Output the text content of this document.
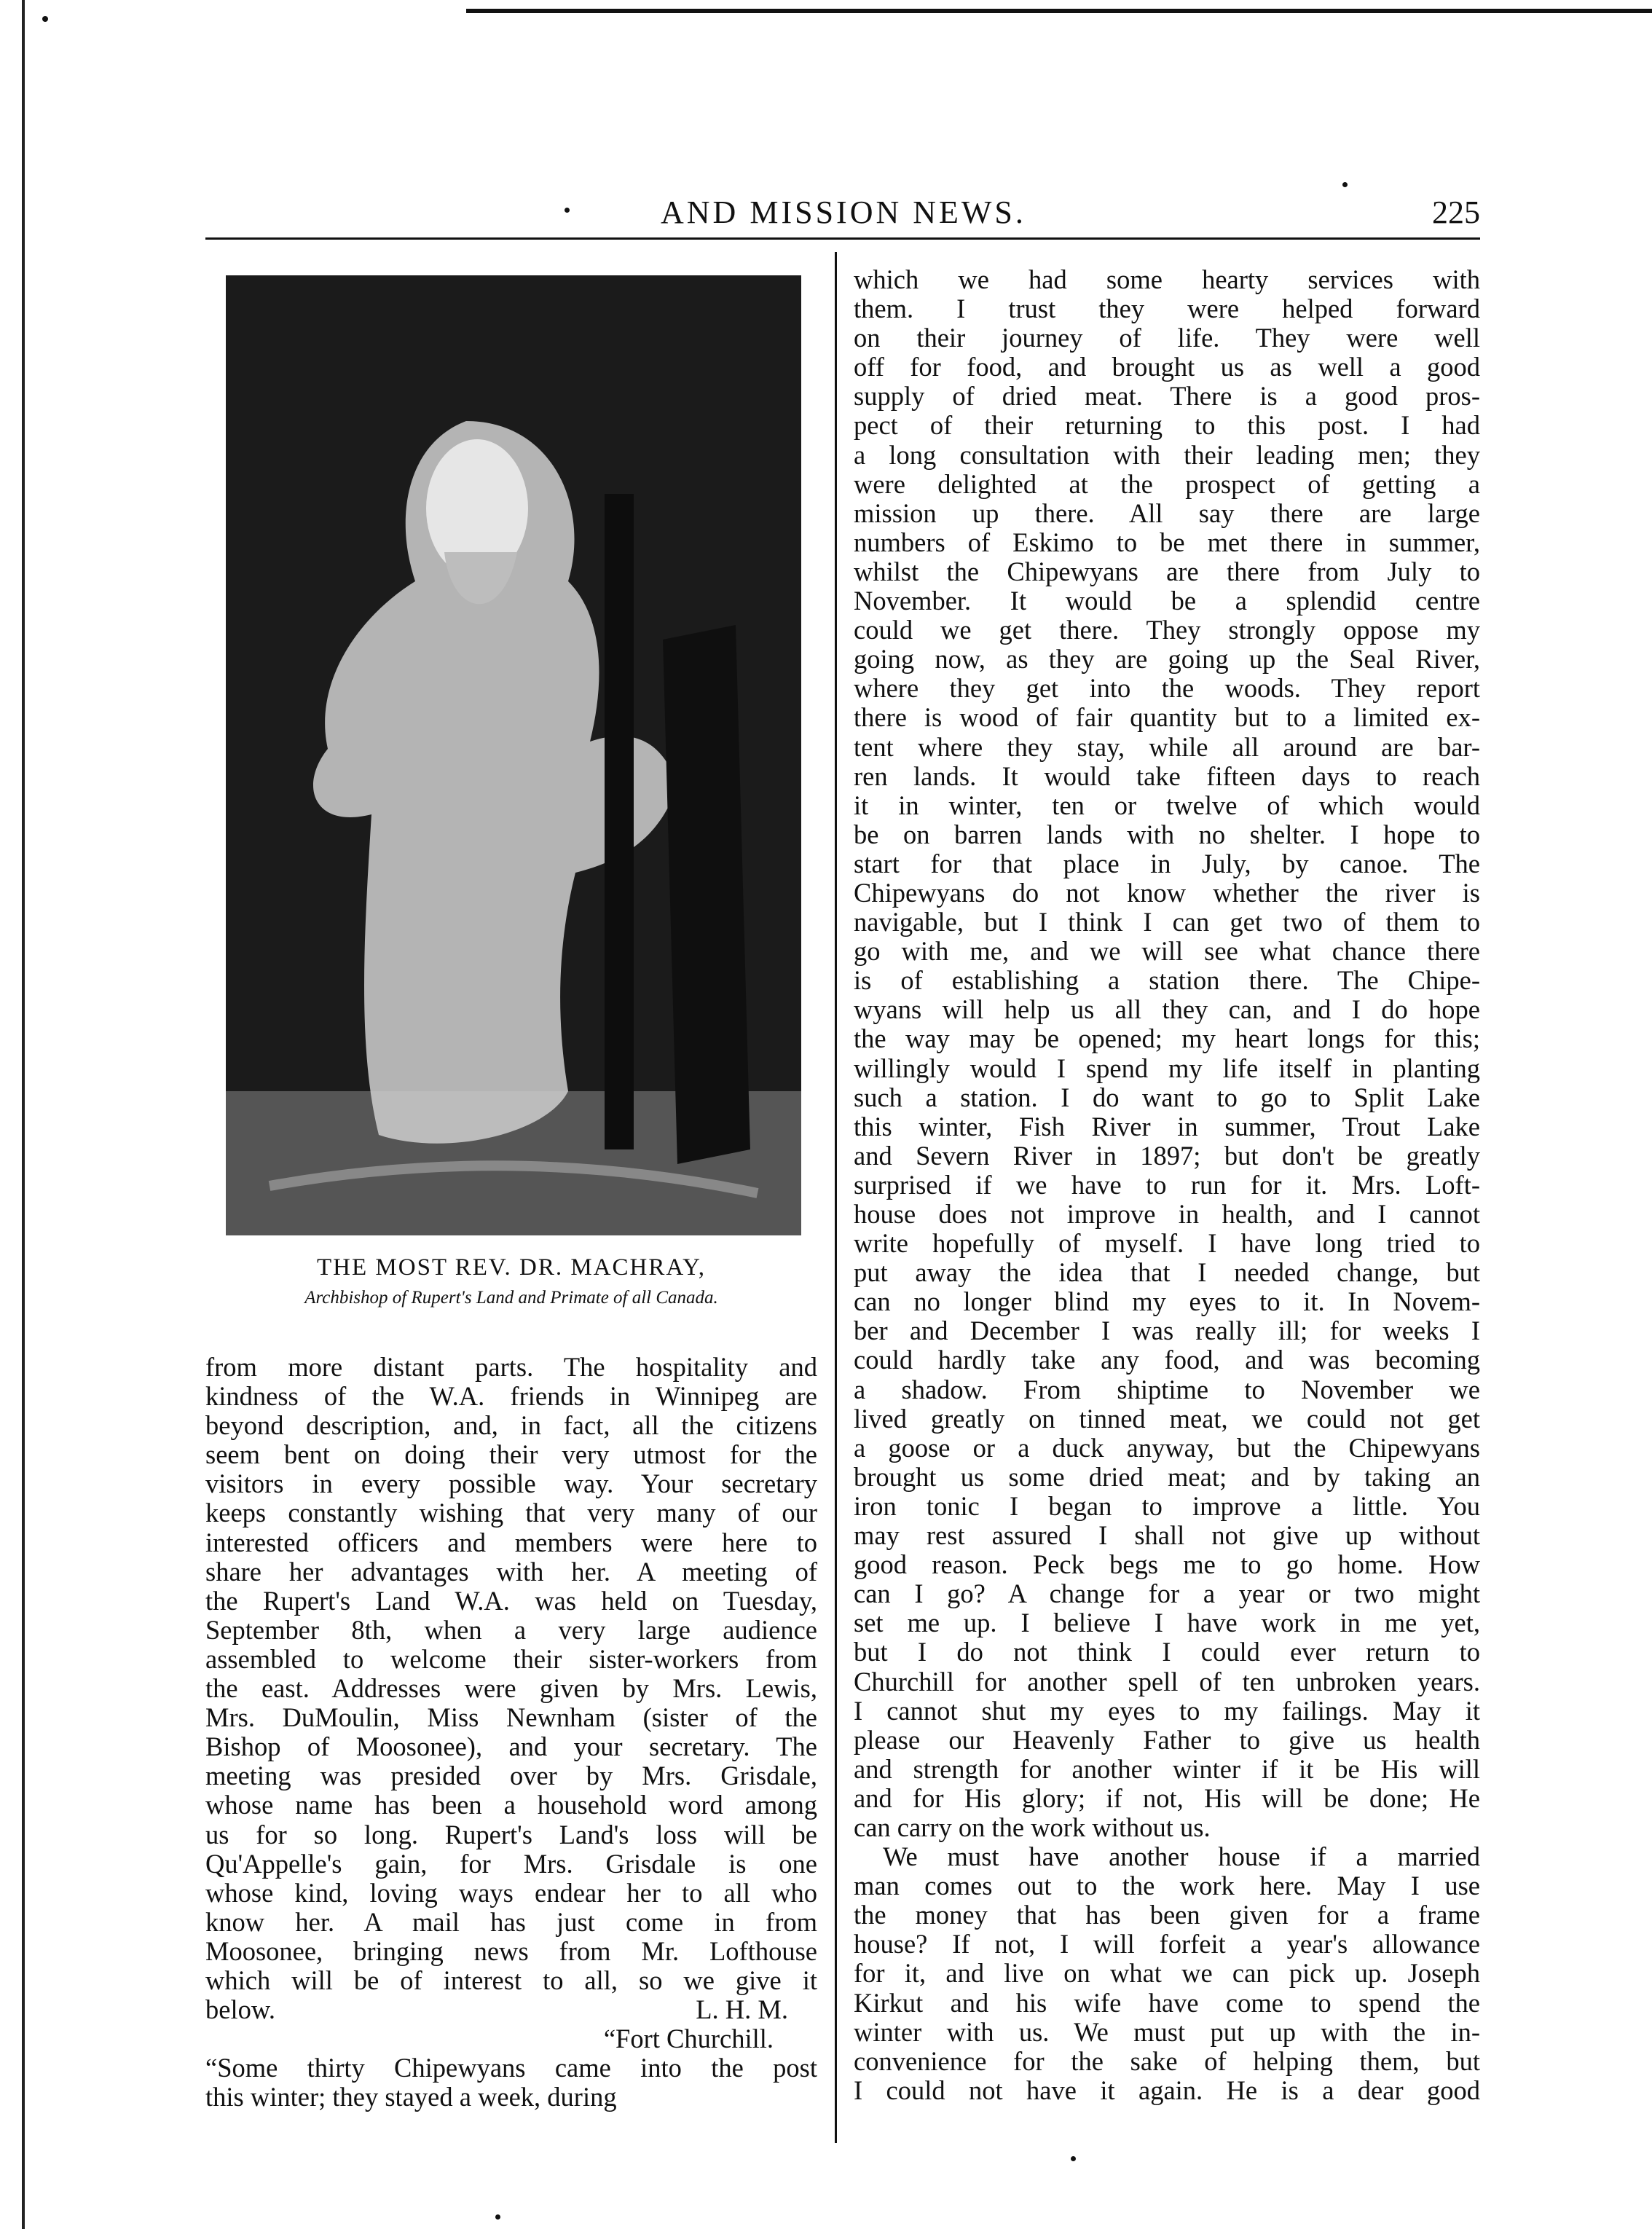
AND MISSION NEWS.	225
THE MOST REV. DR. MACHRAY,
Archbishop of Rupert's Land and Primate of all Canada.
from more distant parts. The hospitality and
kindness of the W.A. friends in Winnipeg are
beyond description, and, in fact, all the citizens
seem bent on doing their very utmost for the
visitors in every possible way. Your secretary
keeps constantly wishing that very many of our
interested officers and members were here to
share her advantages with her. A meeting of
the Rupert's Land W.A. was held on Tuesday,
September 8th, when a very large audience
assembled to welcome their sister-workers from
the east. Addresses were given by Mrs. Lewis,
Mrs. DuMoulin, Miss Newnham (sister of the
Bishop of Moosonee), and your secretary. The
meeting was presided over by Mrs. Grisdale,
whose name has been a household word among
us for so long. Rupert's Land's loss will be
Qu'Appelle's gain, for Mrs. Grisdale is one
whose kind, loving ways endear her to all who
know her. A mail has just come in from
Moosonee, bringing news from Mr. Lofthouse
which will be of interest to all, so we give it
below.	L. H. M.
“Fort Churchill.
“Some thirty Chipewyans came into the post
this winter; they stayed a week, during
which we had some hearty services with
them. I trust they were helped forward
on their journey of life. They were well
off for food, and brought us as well a good
supply of dried meat. There is a good pros-
pect of their returning to this post. I had
a long consultation with their leading men; they
were delighted at the prospect of getting a
mission up there. All say there are large
numbers of Eskimo to be met there in summer,
whilst the Chipewyans are there from July to
November. It would be a splendid centre
could we get there. They strongly oppose my
going now, as they are going up the Seal River,
where they get into the woods. They report
there is wood of fair quantity but to a limited ex-
tent where they stay, while all around are bar-
ren lands. It would take fifteen days to reach
it in winter, ten or twelve of which would
be on barren lands with no shelter. I hope to
start for that place in July, by canoe. The
Chipewyans do not know whether the river is
navigable, but I think I can get two of them to
go with me, and we will see what chance there
is of establishing a station there. The Chipe-
wyans will help us all they can, and I do hope
the way may be opened; my heart longs for this;
willingly would I spend my life itself in planting
such a station. I do want to go to Split Lake
this winter, Fish River in summer, Trout Lake
and Severn River in 1897; but don't be greatly
surprised if we have to run for it. Mrs. Loft-
house does not improve in health, and I cannot
write hopefully of myself. I have long tried to
put away the idea that I needed change, but
can no longer blind my eyes to it. In Novem-
ber and December I was really ill; for weeks I
could hardly take any food, and was becoming
a shadow. From shiptime to November we
lived greatly on tinned meat, we could not get
a goose or a duck anyway, but the Chipewyans
brought us some dried meat; and by taking an
iron tonic I began to improve a little. You
may rest assured I shall not give up without
good reason. Peck begs me to go home. How
can I go? A change for a year or two might
set me up. I believe I have work in me yet,
but I do not think I could ever return to
Churchill for another spell of ten unbroken years.
I cannot shut my eyes to my failings. May it
please our Heavenly Father to give us health
and strength for another winter if it be His will
and for His glory; if not, His will be done; He
can carry on the work without us.
We must have another house if a married
man comes out to the work here. May I use
the money that has been given for a frame
house? If not, I will forfeit a year's allowance
for it, and live on what we can pick up. Joseph
Kirkut and his wife have come to spend the
winter with us. We must put up with the in-
convenience for the sake of helping them, but
I could not have it again. He is a dear good
